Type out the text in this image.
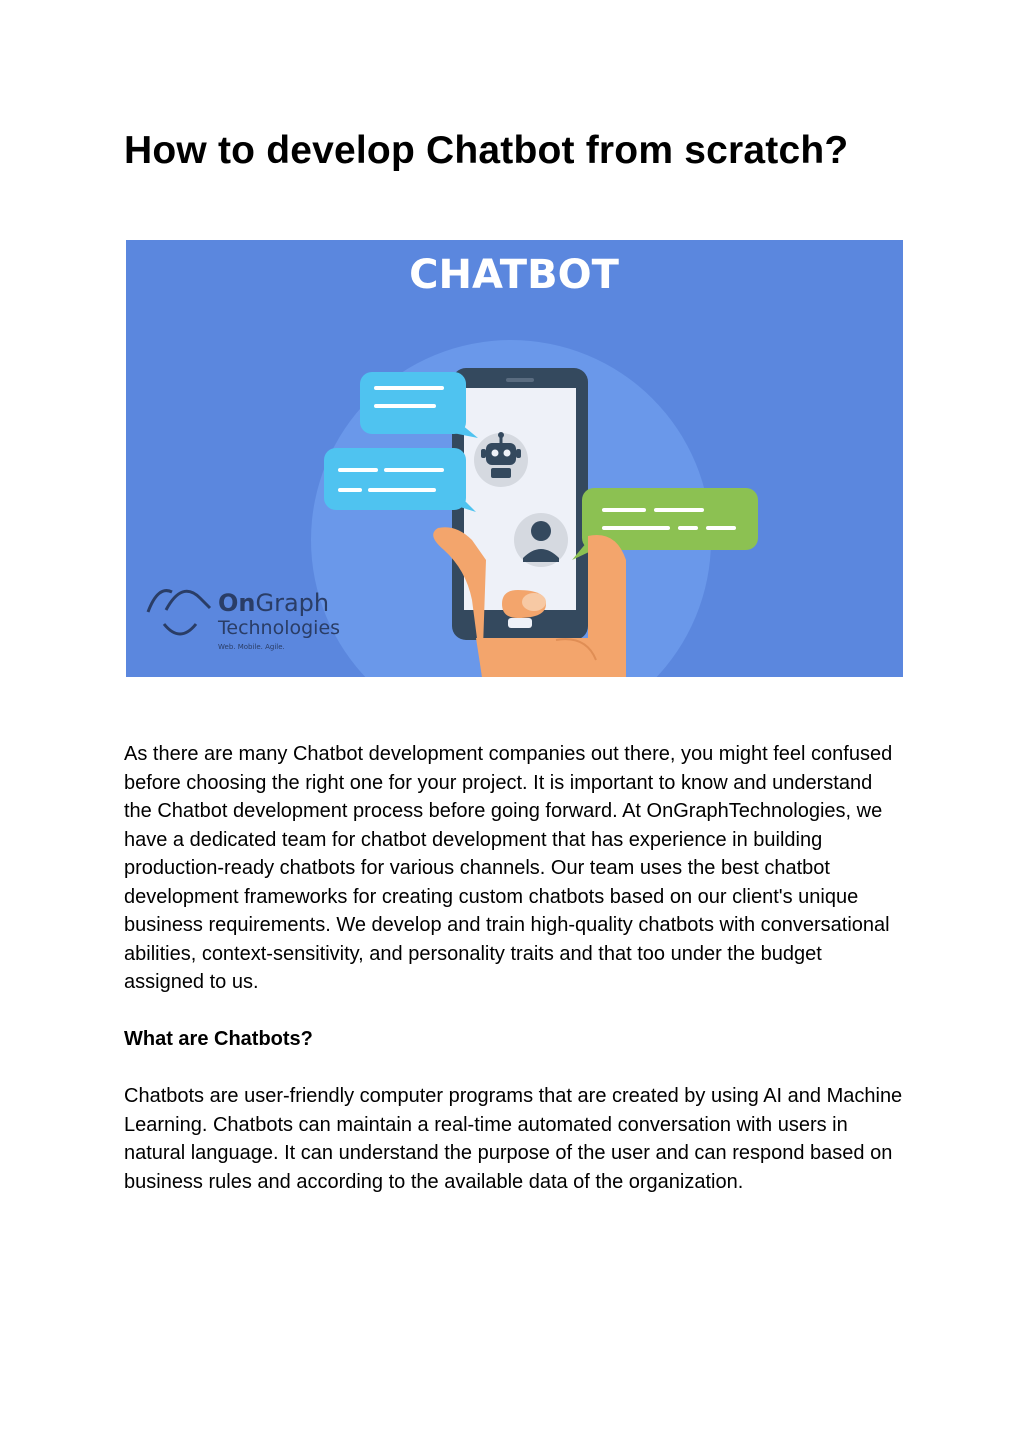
How to develop Chatbot from scratch?
CHATBOT
OnGraph
Technologies
Web. Mobile. Agile.

As there are many Chatbot development companies out there, you might feel confused before choosing the right one for your project. It is important to know and understand the Chatbot development process before going forward. At OnGraphTechnologies, we have a dedicated team for chatbot development that has experience in building production-ready chatbots for various channels. Our team uses the best chatbot development frameworks for creating custom chatbots based on our client's unique business requirements. We develop and train high-quality chatbots with conversational abilities, context-sensitivity, and personality traits and that too under the budget assigned to us.

What are Chatbots?

Chatbots are user-friendly computer programs that are created by using AI and Machine Learning. Chatbots can maintain a real-time automated conversation with users in natural language. It can understand the purpose of the user and can respond based on business rules and according to the available data of the organization.
